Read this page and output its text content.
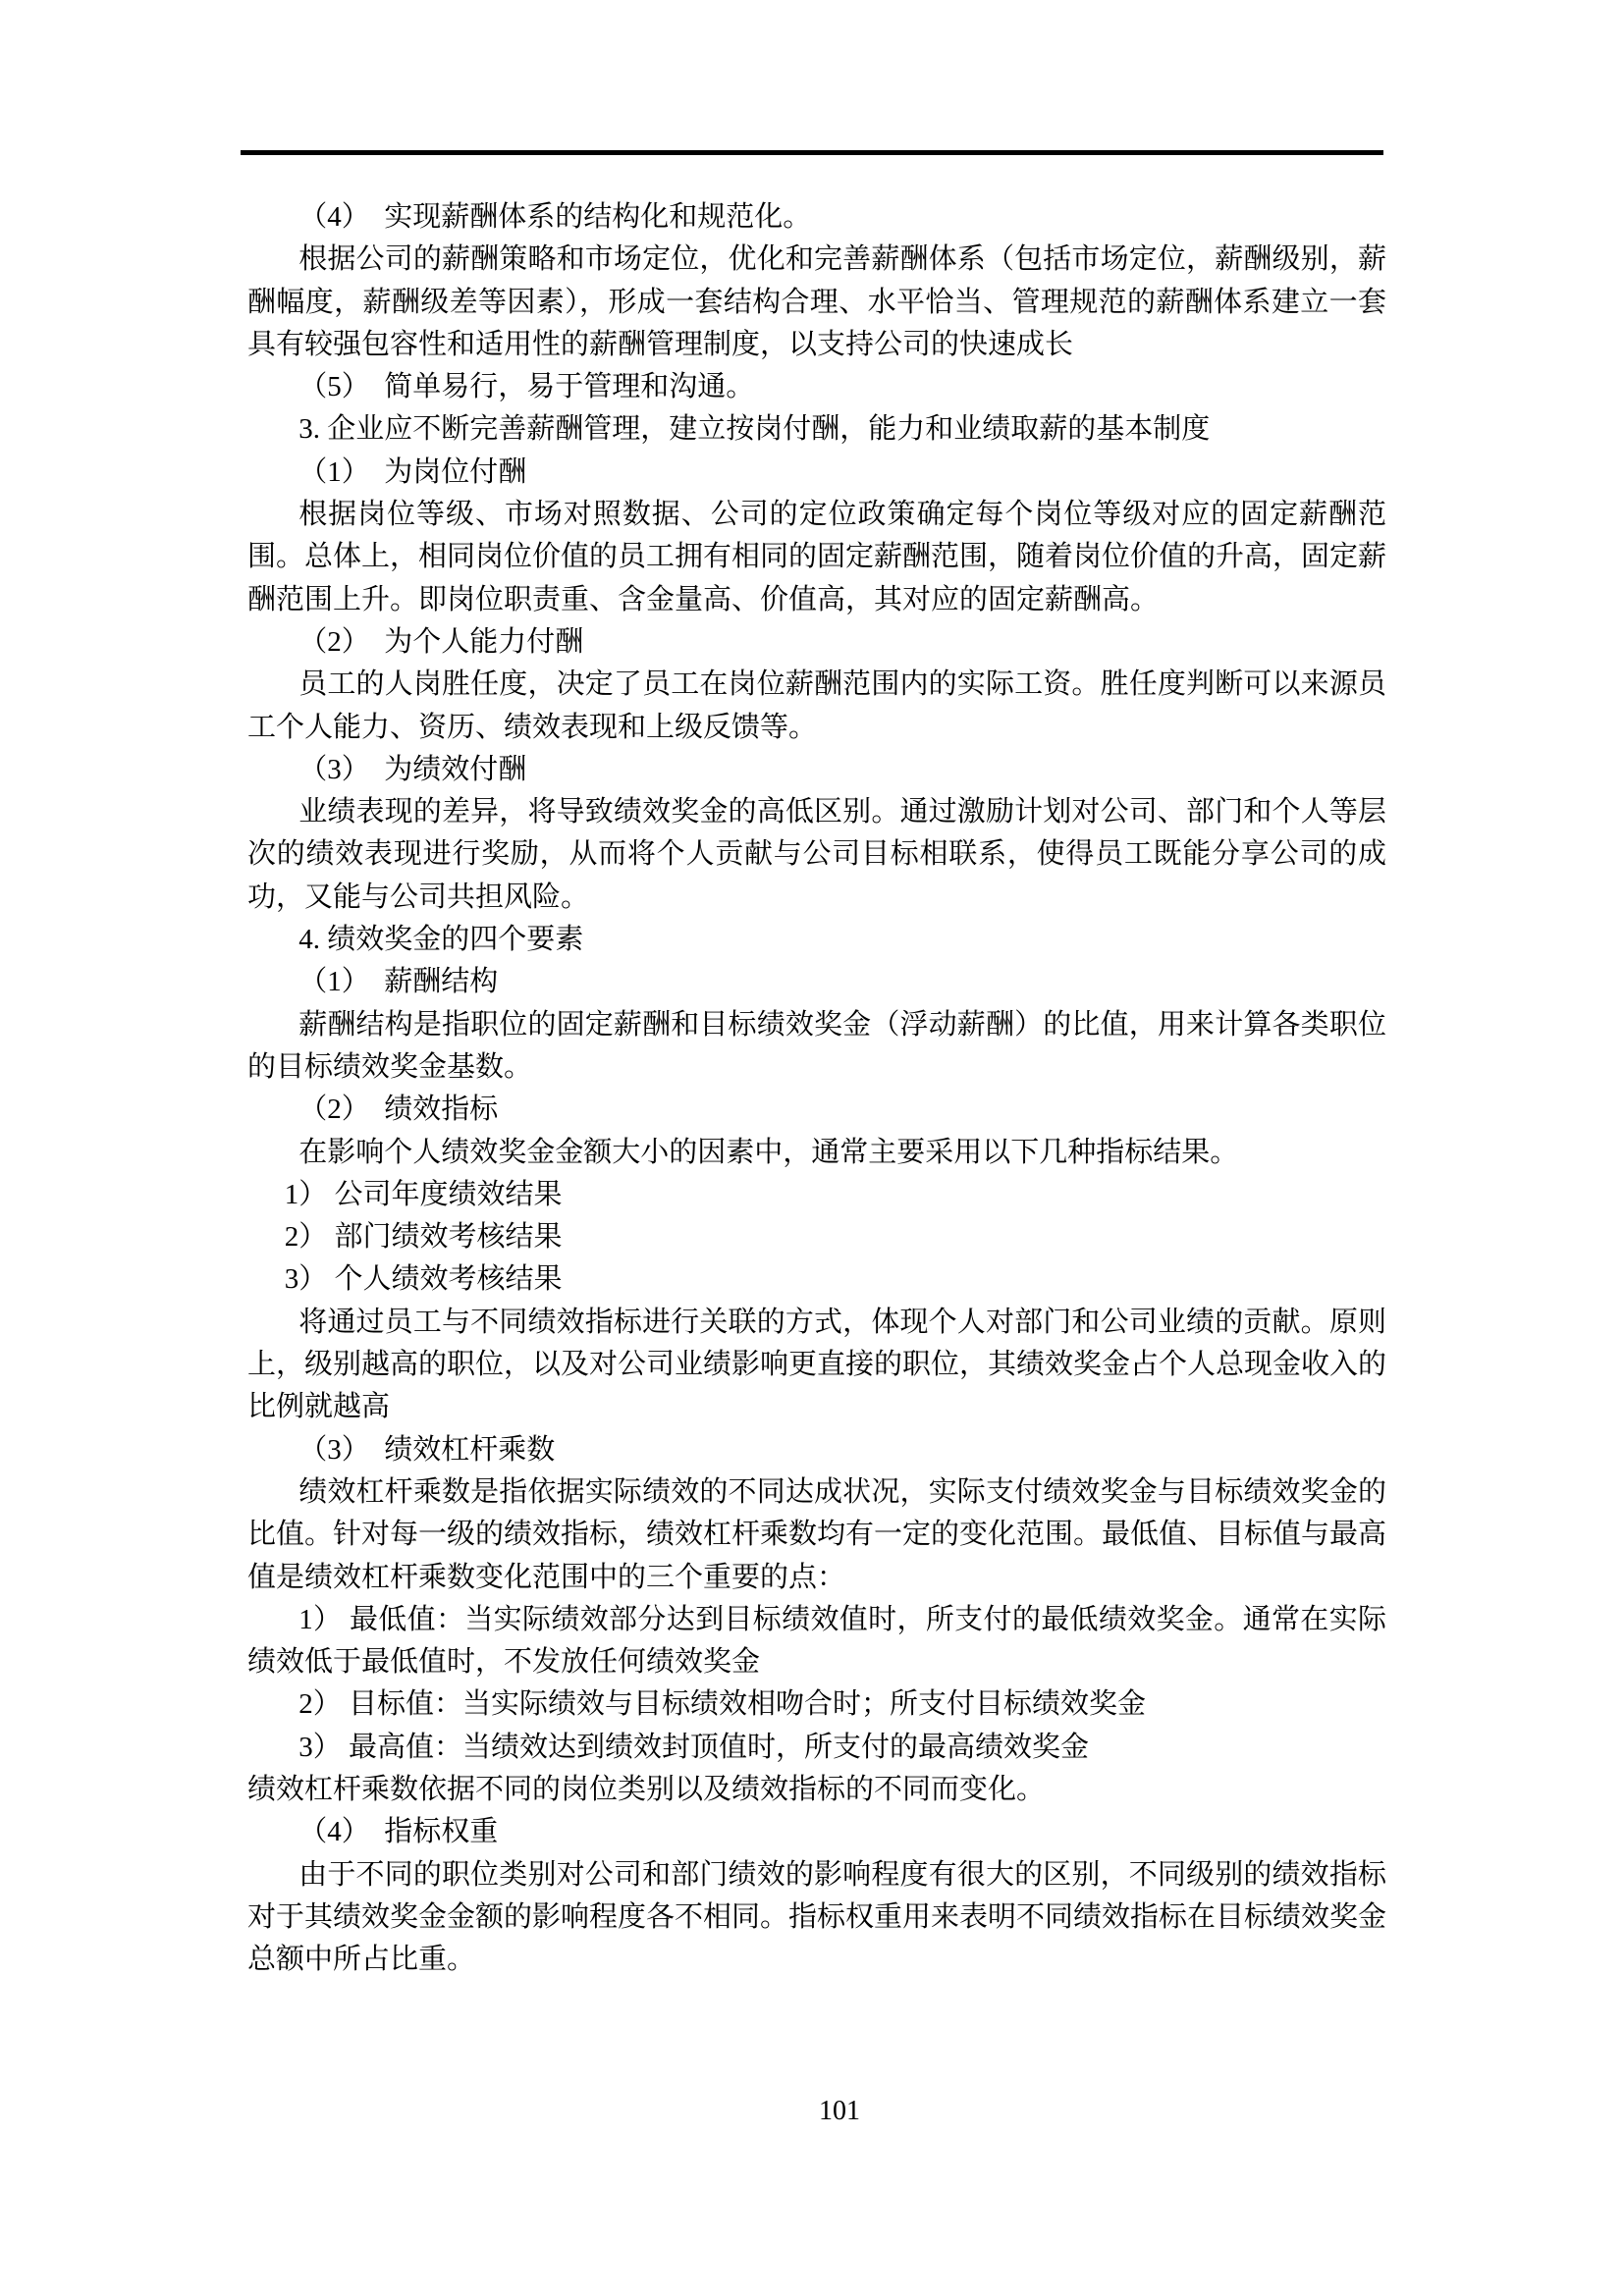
（4）　实现薪酬体系的结构化和规范化。

根据公司的薪酬策略和市场定位，优化和完善薪酬体系（包括市场定位，薪酬级别，薪酬幅度，薪酬级差等因素），形成一套结构合理、水平恰当、管理规范的薪酬体系建立一套具有较强包容性和适用性的薪酬管理制度，以支持公司的快速成长

（5）　简单易行，易于管理和沟通。

3. 企业应不断完善薪酬管理，建立按岗付酬，能力和业绩取薪的基本制度

（1）　为岗位付酬

根据岗位等级、市场对照数据、公司的定位政策确定每个岗位等级对应的固定薪酬范围。总体上，相同岗位价值的员工拥有相同的固定薪酬范围，随着岗位价值的升高，固定薪酬范围上升。即岗位职责重、含金量高、价值高，其对应的固定薪酬高。

（2）　为个人能力付酬

员工的人岗胜任度，决定了员工在岗位薪酬范围内的实际工资。胜任度判断可以来源员工个人能力、资历、绩效表现和上级反馈等。

（3）　为绩效付酬

业绩表现的差异，将导致绩效奖金的高低区别。通过激励计划对公司、部门和个人等层次的绩效表现进行奖励，从而将个人贡献与公司目标相联系，使得员工既能分享公司的成功，又能与公司共担风险。

4. 绩效奖金的四个要素

（1）　薪酬结构

薪酬结构是指职位的固定薪酬和目标绩效奖金（浮动薪酬）的比值，用来计算各类职位的目标绩效奖金基数。

（2）　绩效指标

在影响个人绩效奖金金额大小的因素中，通常主要采用以下几种指标结果。

1） 公司年度绩效结果

2） 部门绩效考核结果

3） 个人绩效考核结果

将通过员工与不同绩效指标进行关联的方式，体现个人对部门和公司业绩的贡献。原则上，级别越高的职位，以及对公司业绩影响更直接的职位，其绩效奖金占个人总现金收入的比例就越高

（3）　绩效杠杆乘数

绩效杠杆乘数是指依据实际绩效的不同达成状况，实际支付绩效奖金与目标绩效奖金的比值。针对每一级的绩效指标，绩效杠杆乘数均有一定的变化范围。最低值、目标值与最高值是绩效杠杆乘数变化范围中的三个重要的点：

1） 最低值：当实际绩效部分达到目标绩效值时，所支付的最低绩效奖金。通常在实际绩效低于最低值时，不发放任何绩效奖金

2） 目标值：当实际绩效与目标绩效相吻合时；所支付目标绩效奖金

3） 最高值：当绩效达到绩效封顶值时，所支付的最高绩效奖金

绩效杠杆乘数依据不同的岗位类别以及绩效指标的不同而变化。

（4）　指标权重

由于不同的职位类别对公司和部门绩效的影响程度有很大的区别，不同级别的绩效指标对于其绩效奖金金额的影响程度各不相同。指标权重用来表明不同绩效指标在目标绩效奖金总额中所占比重。

101
